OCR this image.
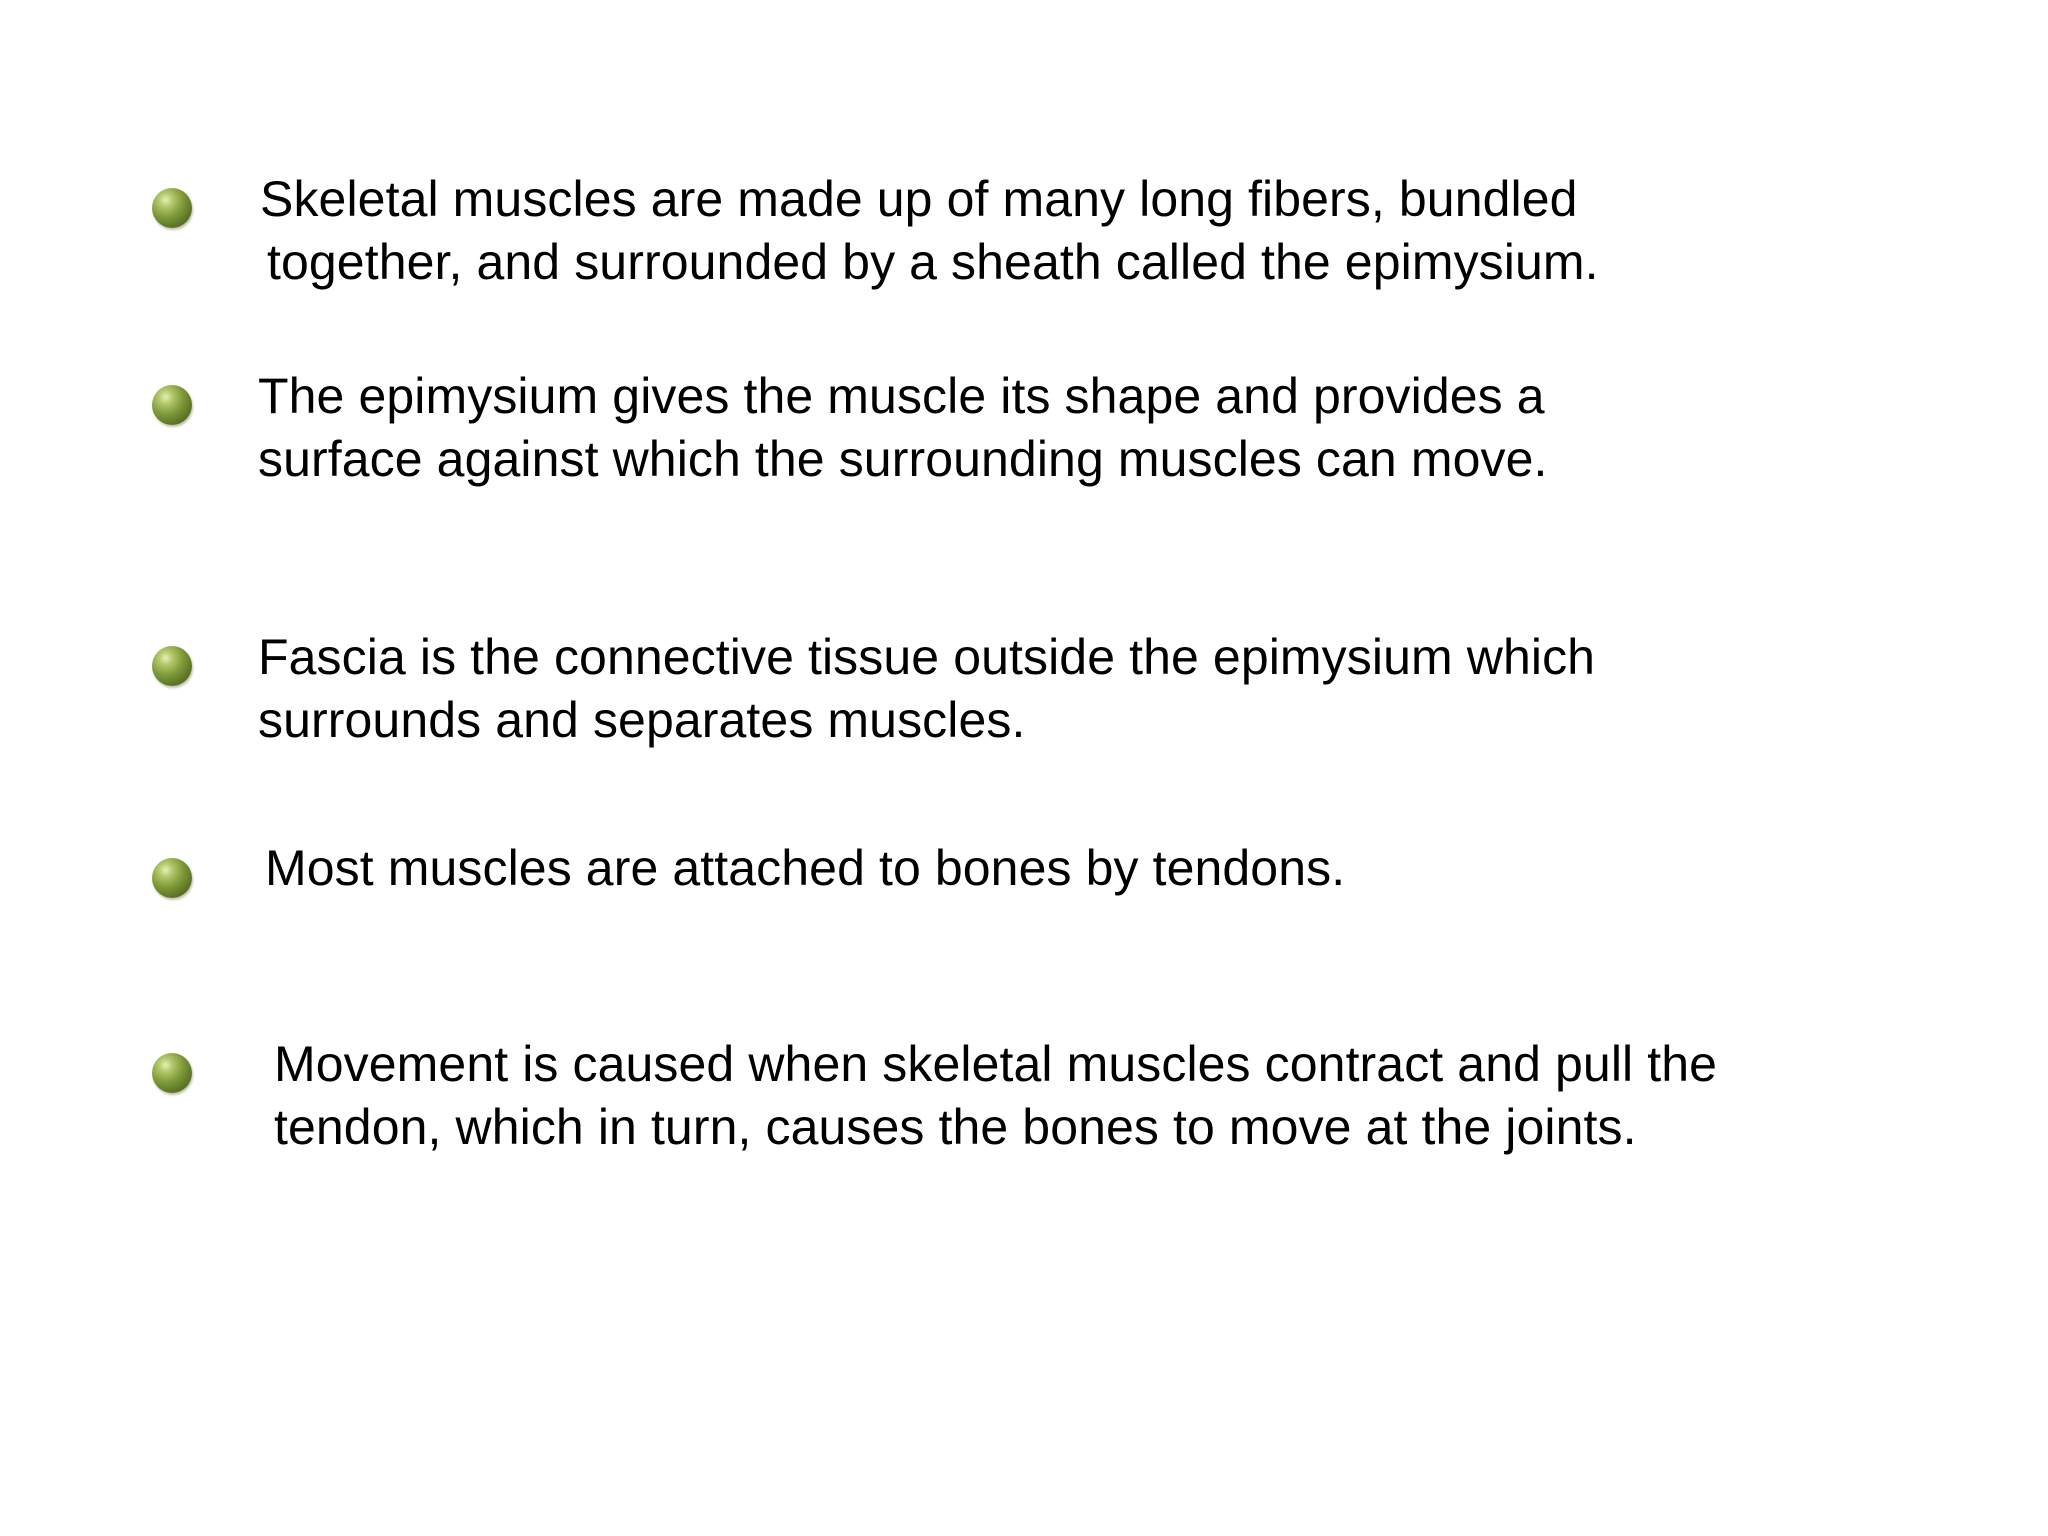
Skeletal muscles are made up of many long fibers, bundled
together, and surrounded by a sheath called the epimysium.
The epimysium gives the muscle its shape and provides a
surface against which the surrounding muscles can move.
Fascia is the connective tissue outside the epimysium which
surrounds and separates muscles.
Most muscles are attached to bones by tendons.
Movement is caused when skeletal muscles contract and pull the
tendon, which in turn, causes the bones to move at the joints.
